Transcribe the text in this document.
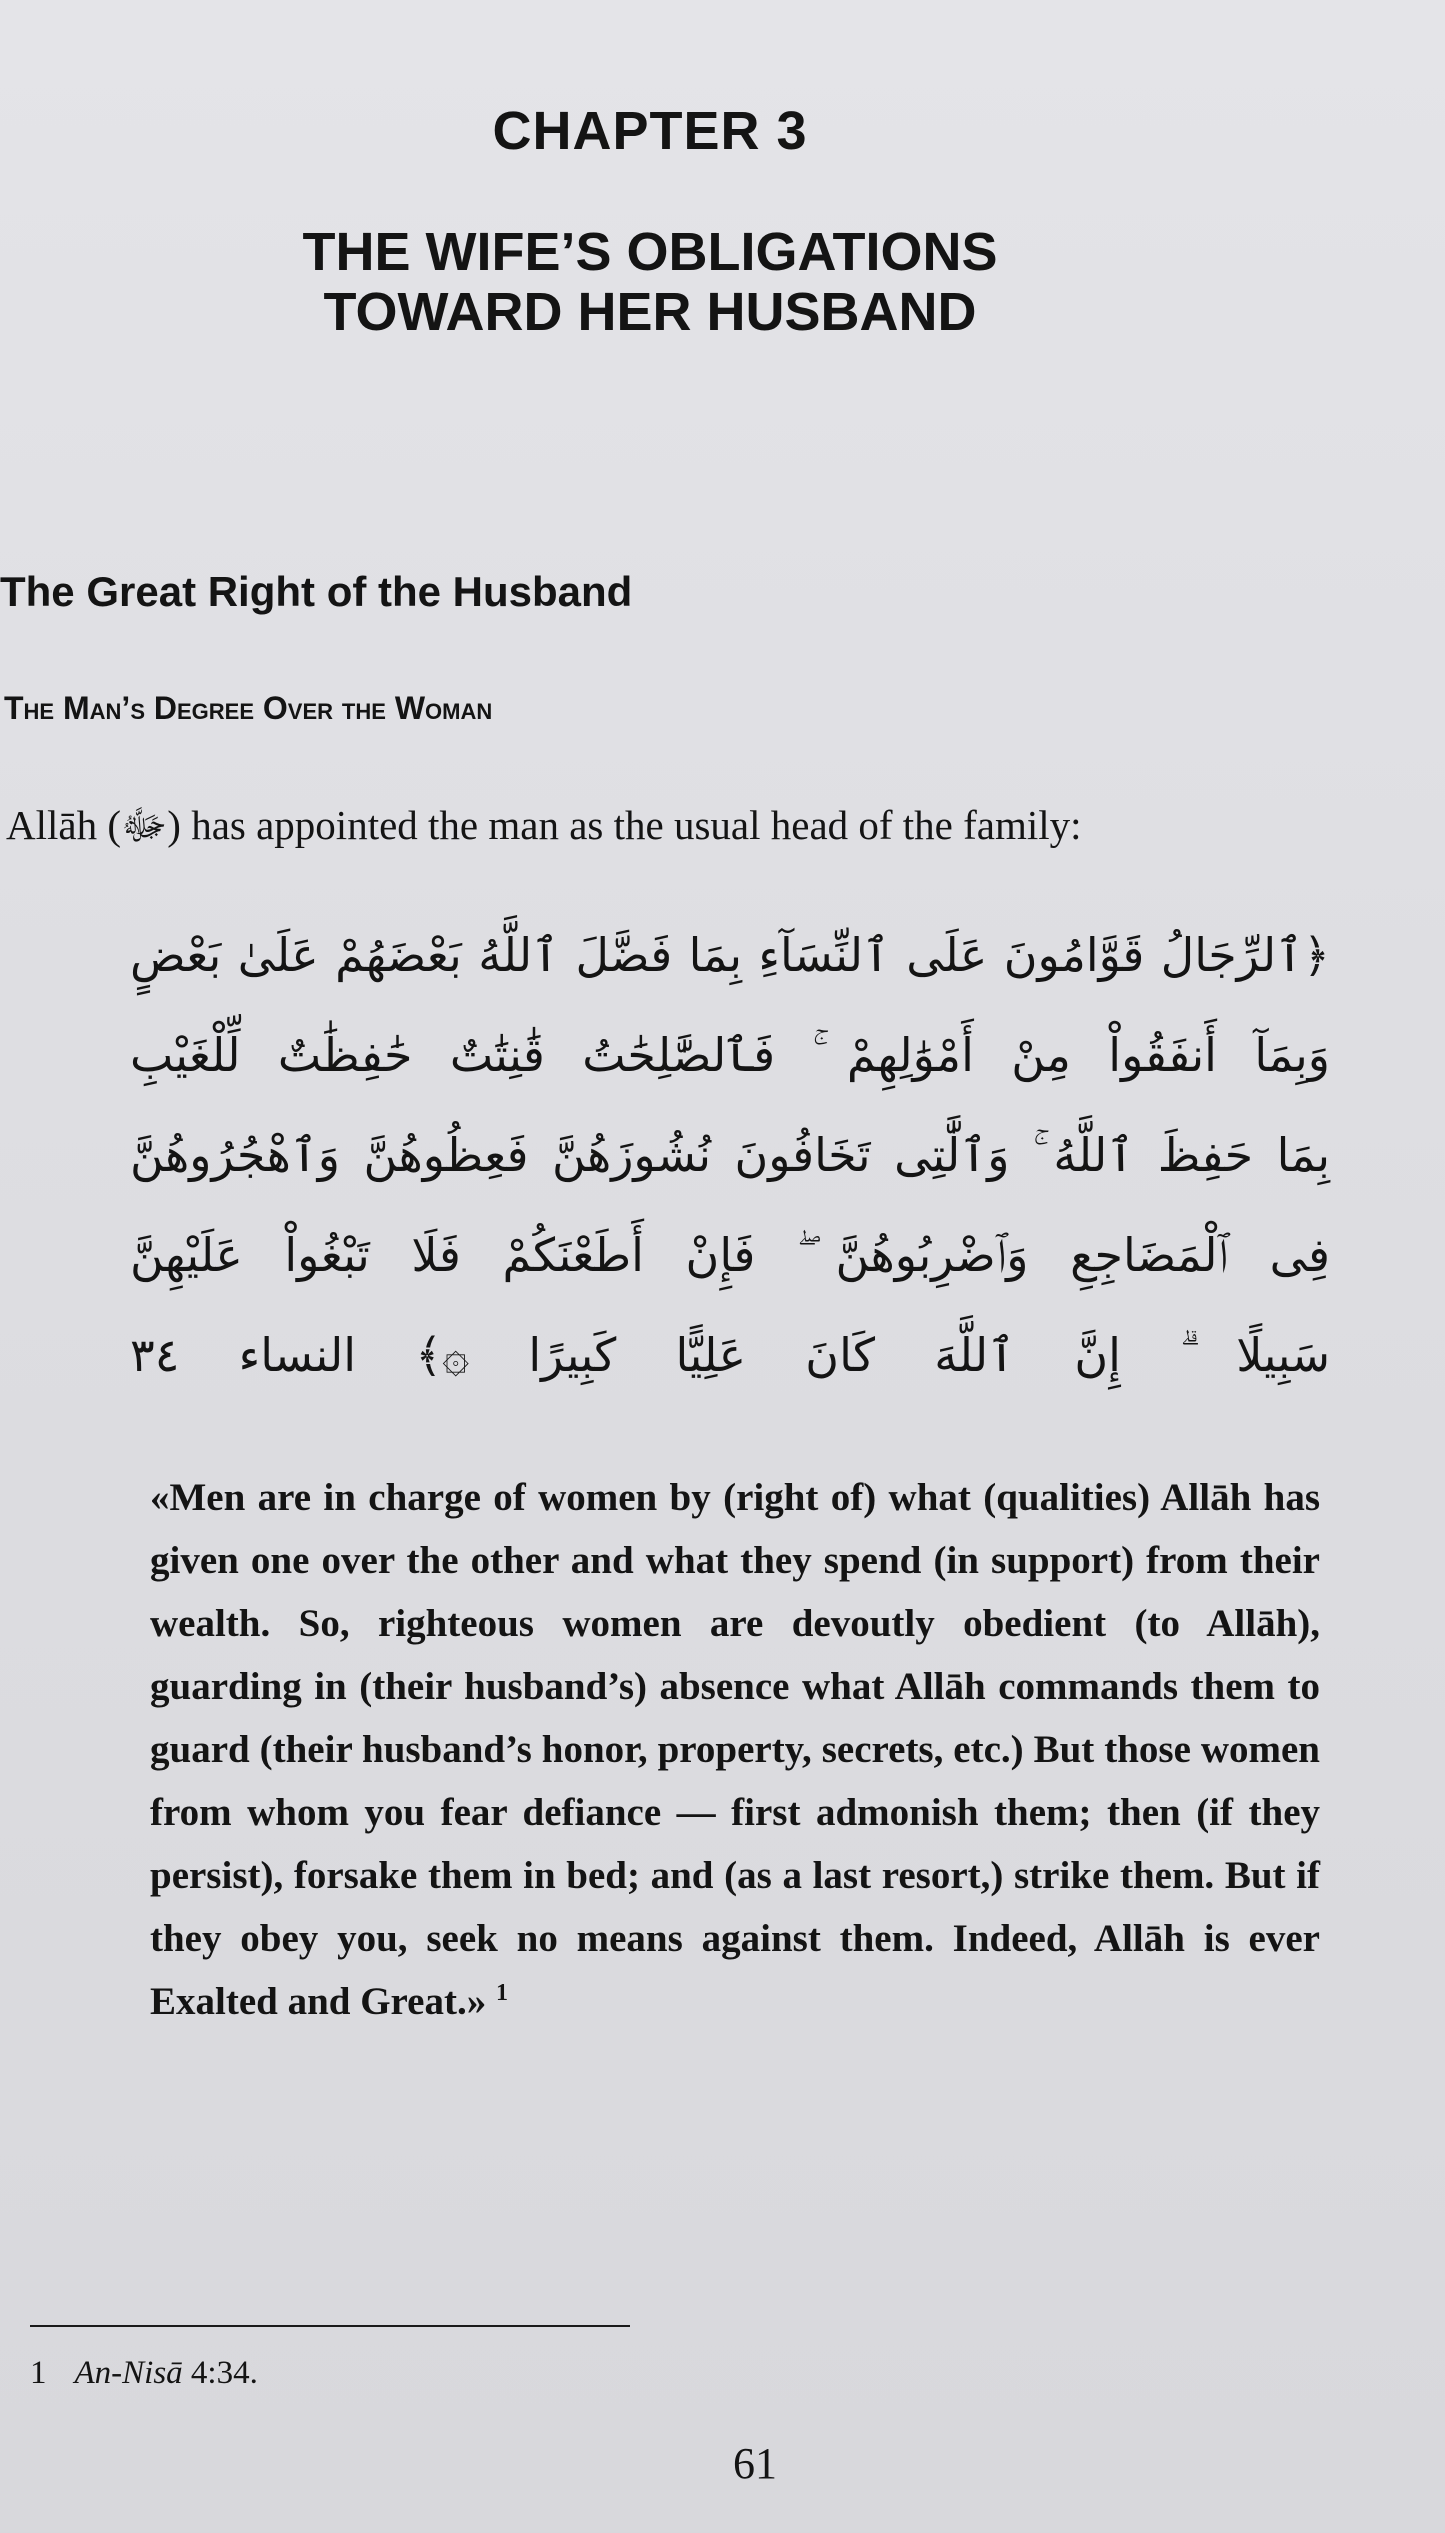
CHAPTER 3
THE WIFE’S OBLIGATIONS
TOWARD HER HUSBAND
The Great Right of the Husband
The Man’s Degree Over the Woman
Allāh (ﷻ) has appointed the man as the usual head of the family:
﴿ٱلرِّجَالُ قَوَّامُونَ عَلَى ٱلنِّسَآءِ بِمَا فَضَّلَ ٱللَّهُ بَعْضَهُمْ عَلَىٰ بَعْضٍ
وَبِمَآ أَنفَقُواْ مِنْ أَمْوَٰلِهِمْ ۚ فَٱلصَّٰلِحَٰتُ قَٰنِتَٰتٌ حَٰفِظَٰتٌ لِّلْغَيْبِ
بِمَا حَفِظَ ٱللَّهُ ۚ وَٱلَّٰتِى تَخَافُونَ نُشُوزَهُنَّ فَعِظُوهُنَّ وَٱهْجُرُوهُنَّ
فِى ٱلْمَضَاجِعِ وَٱضْرِبُوهُنَّ ۖ فَإِنْ أَطَعْنَكُمْ فَلَا تَبْغُواْ عَلَيْهِنَّ
سَبِيلًا ۗ إِنَّ ٱللَّهَ كَانَ عَلِيًّا كَبِيرًا ۞﴾ النساء ٣٤
«Men are in charge of women by (right of) what (qualities) Allāh has given one over the other and what they spend (in support) from their wealth. So, righteous women are devoutly obedient (to Allāh), guarding in (their husband’s) absence what Allāh commands them to guard (their husband’s honor, property, secrets, etc.) But those women from whom you fear defiance — first admonish them; then (if they persist), forsake them in bed; and (as a last resort,) strike them. But if they obey you, seek no means against them. Indeed, Allāh is ever Exalted and Great.» $^1$
1 An-Nisā 4:34.
61
